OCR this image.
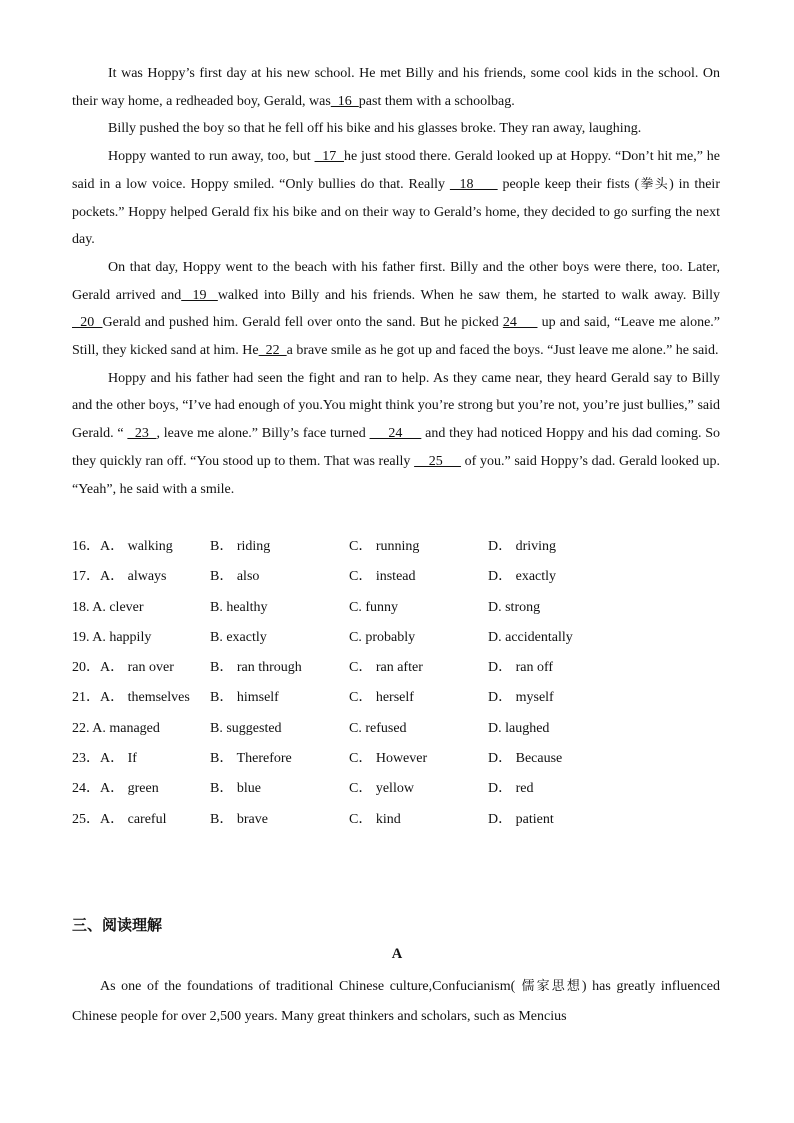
It was Hoppy’s first day at his new school. He met Billy and his friends, some cool kids in the school. On their way home, a redheaded boy, Gerald, was  16  past them with a schoolbag.

Billy pushed the boy so that he fell off his bike and his glasses broke. They ran away, laughing.

Hoppy wanted to run away, too, but   17  he just stood there. Gerald looked up at Hoppy. “Don’t hit me,” he said in a low voice. Hoppy smiled. “Only bullies do that. Really   18      people keep their fists (拳头) in their pockets.” Hoppy helped Gerald fix his bike and on their way to Gerald’s home, they decided to go surfing the next day.

On that day, Hoppy went to the beach with his father first. Billy and the other boys were there, too. Later, Gerald arrived and  19  walked into Billy and his friends. When he saw them, he started to walk away. Billy   20  Gerald and pushed him. Gerald fell over onto the sand. But he picked 24      up and said, “Leave me alone.” Still, they kicked sand at him. He  22  a brave smile as he got up and faced the boys. “Just leave me alone.” he said.

Hoppy and his father had seen the fight and ran to help. As they came near, they heard Gerald say to Billy and the other boys, “I’ve had enough of you.You might think you’re strong but you’re not, you’re just bullies,” said Gerald. “   23  , leave me alone.” Billy’s face turned      24      and they had noticed Hoppy and his dad coming. So they quickly ran off. “You stood up to them. That was really     25      of you.” said Hoppy’s dad. Gerald looked up. “Yeah”, he said with a smile.

16．A． walking	B． riding	C． running	D． driving
17．A． always	B． also	C． instead	D． exactly
18. A. clever	B. healthy	C. funny	D. strong
19. A. happily	B. exactly	C. probably	D. accidentally
20．A． ran over	B． ran through	C． ran after	D． ran off
21．A． themselves B． himself	C． herself	D． myself
22. A. managed	B. suggested	C. refused	D. laughed
23．A． If	B． Therefore	C． However	D． Because
24．A． green	B． blue	C． yellow	D． red
25．A． careful	B． brave	C． kind	D． patient
三、阅读理解
A

As one of the foundations of traditional Chinese culture,Confucianism( 儒家思想) has greatly influenced Chinese people for over 2,500 years. Many great thinkers and scholars, such as Mencius
